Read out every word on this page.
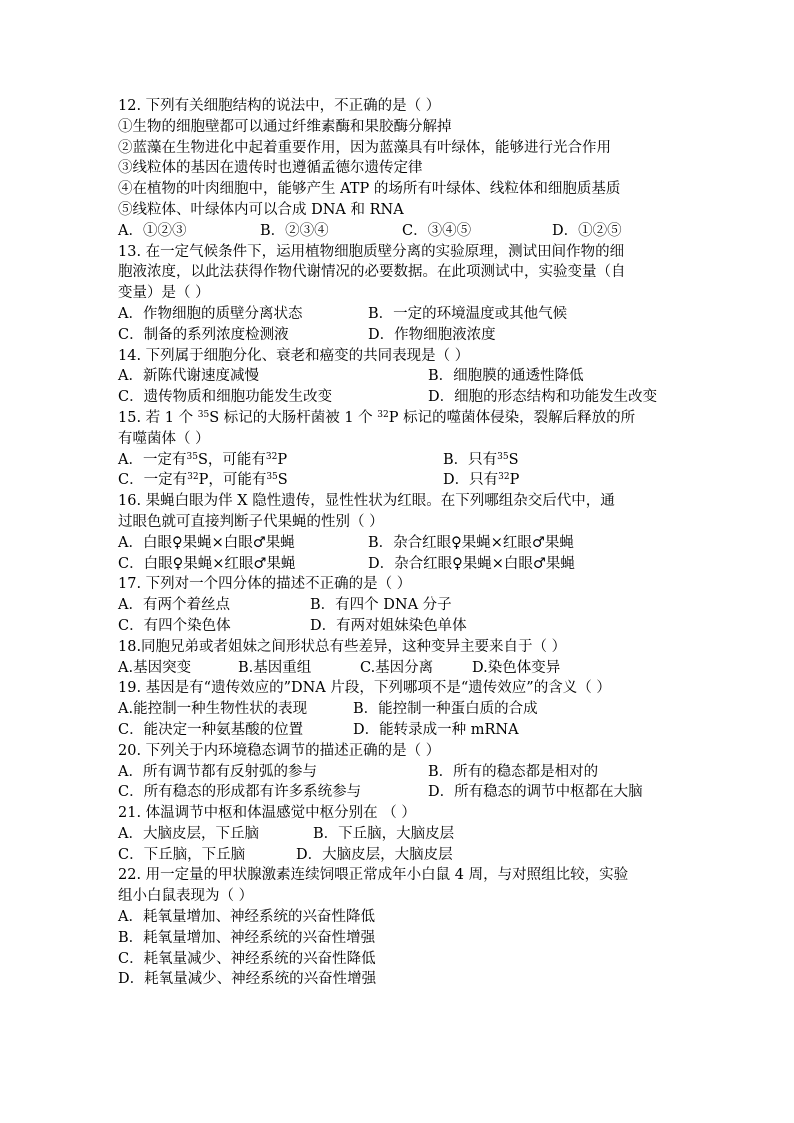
12. 下列有关细胞结构的说法中，不正确的是（ ）
①生物的细胞壁都可以通过纤维素酶和果胶酶分解掉
②蓝藻在生物进化中起着重要作用，因为蓝藻具有叶绿体，能够进行光合作用
③线粒体的基因在遗传时也遵循孟德尔遗传定律
④在植物的叶肉细胞中，能够产生 ATP 的场所有叶绿体、线粒体和细胞质基质
⑤线粒体、叶绿体内可以合成 DNA 和 RNA
A．①②③	B．②③④	C．③④⑤	D．①②⑤
13. 在一定气候条件下，运用植物细胞质壁分离的实验原理，测试田间作物的细
胞液浓度，以此法获得作物代谢情况的必要数据。在此项测试中，实验变量（自
变量）是（ ）
A．作物细胞的质壁分离状态	B．一定的环境温度或其他气候
C．制备的系列浓度检测液	D．作物细胞液浓度
14. 下列属于细胞分化、衰老和癌变的共同表现是（ ）
A．新陈代谢速度减慢	B．细胞膜的通透性降低
C．遗传物质和细胞功能发生改变	D．细胞的形态结构和功能发生改变
15. 若 1 个 $^{35}$S 标记的大肠杆菌被 1 个 $^{32}$P 标记的噬菌体侵染，裂解后释放的所
有噬菌体（ ）
A．一定有$^{35}$S，可能有$^{32}$P	B．只有$^{35}$S
C．一定有$^{32}$P，可能有$^{35}$S	D．只有$^{32}$P
16. 果蝇白眼为伴 X 隐性遗传，显性性状为红眼。在下列哪组杂交后代中，通
过眼色就可直接判断子代果蝇的性别（ ）
A．白眼♀果蝇×白眼♂果蝇	B．杂合红眼♀果蝇×红眼♂果蝇
C．白眼♀果蝇×红眼♂果蝇	D．杂合红眼♀果蝇×白眼♂果蝇
17. 下列对一个四分体的描述不正确的是（ ）
A．有两个着丝点	B．有四个 DNA 分子
C．有四个染色体	D．有两对姐妹染色单体
18.同胞兄弟或者姐妹之间形状总有些差异，这种变异主要来自于（ ）
A.基因突变	B.基因重组	C.基因分离	D.染色体变异
19. 基因是有“遗传效应的”DNA 片段，下列哪项不是“遗传效应”的含义（ ）
A.能控制一种生物性状的表现	B．能控制一种蛋白质的合成
C．能决定一种氨基酸的位置	D．能转录成一种 mRNA
20. 下列关于内环境稳态调节的描述正确的是（ ）
A．所有调节都有反射弧的参与	B．所有的稳态都是相对的
C．所有稳态的形成都有许多系统参与	D．所有稳态的调节中枢都在大脑
21. 体温调节中枢和体温感觉中枢分别在 （ ）
A．大脑皮层，下丘脑	B．下丘脑，大脑皮层
C．下丘脑，下丘脑	D．大脑皮层，大脑皮层
22. 用一定量的甲状腺激素连续饲喂正常成年小白鼠 4 周，与对照组比较，实验
组小白鼠表现为（ ）
A．耗氧量增加、神经系统的兴奋性降低
B．耗氧量增加、神经系统的兴奋性增强
C．耗氧量减少、神经系统的兴奋性降低
D．耗氧量减少、神经系统的兴奋性增强
